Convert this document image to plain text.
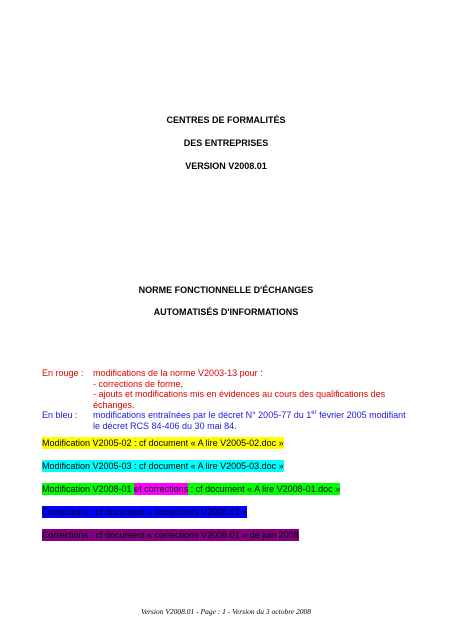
CENTRES DE FORMALITÉS
DES ENTREPRISES
VERSION V2008.01
NORME FONCTIONNELLE D'ÉCHANGES
AUTOMATISÉS D'INFORMATIONS
En rouge :	modifications de la norme V2003-13 pour :
- corrections de forme,
- ajouts et modifications mis en évidences au cours des qualifications des
échanges.
En bleu :	modifications entraînées par le décret N° 2005-77 du 1er février 2005 modifiant
le décret RCS 84-406 du 30 mai 84.
Modification V2005-02 : cf document « A lire V2005-02.doc »
Modification V2005-03 : cf document « A lire V2005-03.doc »
Modification V2008-01 et corrections : cf document « A lire V2008-01.doc »
Corrections : cf document « corrections V2008.01 »
Corrections : cf document « corrections V2008.01 » de juin 2008
Version V2008.01 - Page : 1 - Version du 3 octobre 2008
